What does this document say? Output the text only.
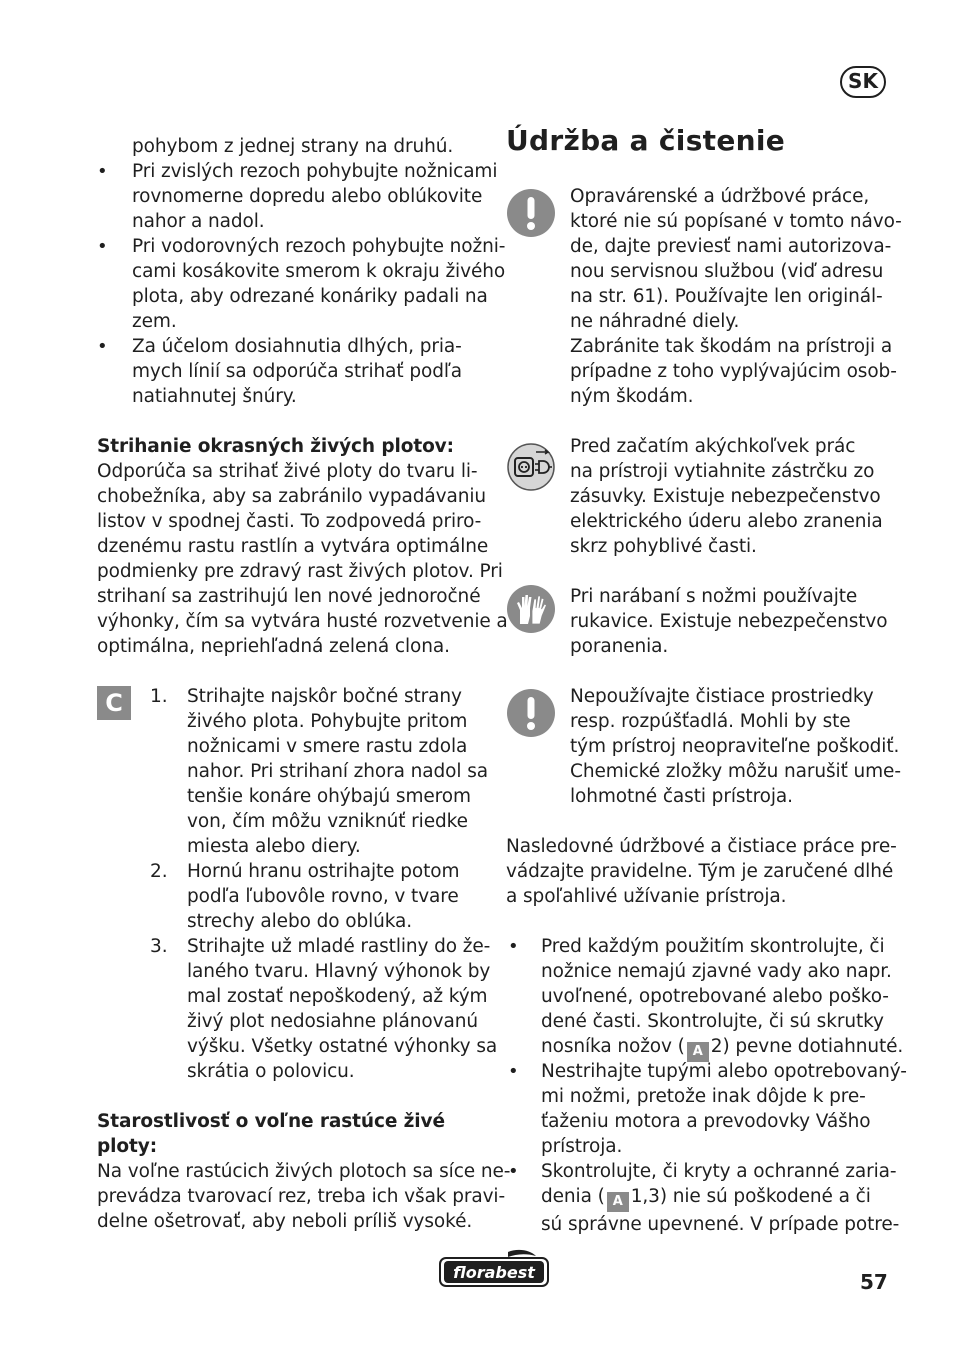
SK
pohybom z jednej strany na druhú.
• Pri zvislých rezoch pohybujte nožnicami
rovnomerne dopredu alebo oblúkovite
nahor a nadol.
• Pri vodorovných rezoch pohybujte nožni-
cami kosákovite smerom k okraju živého
plota, aby odrezané konáriky padali na
zem.
• Za účelom dosiahnutia dlhých, pria-
mych línií sa odporúča strihať podľa
natiahnutej šnúry.
Strihanie okrasných živých plotov:
Odporúča sa strihať živé ploty do tvaru li-
chobežníka, aby sa zabránilo vypadávaniu
listov v spodnej časti. To zodpovedá priro-
dzenému rastu rastlín a vytvára optimálne
podmienky pre zdravý rast živých plotov. Pri
strihaní sa zastrihujú len nové jednoročné
výhonky, čím sa vytvára husté rozvetvenie a
optimálna, nepriehľadná zelená clona.
C	1. Strihajte najskôr bočné strany
živého plota. Pohybujte pritom
nožnicami v smere rastu zdola
nahor. Pri strihaní zhora nadol sa
tenšie konáre ohýbajú smerom
von, čím môžu vzniknúť riedke
miesta alebo diery.
2. Hornú hranu ostrihajte potom
podľa ľubovôle rovno, v tvare
strechy alebo do oblúka.
3. Strihajte už mladé rastliny do že-
laného tvaru. Hlavný výhonok by
mal zostať nepoškodený, až kým
živý plot nedosiahne plánovanú
výšku. Všetky ostatné výhonky sa
skrátia o polovicu.
Starostlivosť o voľne rastúce živé
ploty:
Na voľne rastúcich živých plotoch sa síce ne-
prevádza tvarovací rez, treba ich však pravi-
delne ošetrovať, aby neboli príliš vysoké.
Údržba a čistenie
Opravárenské a údržbové práce,
ktoré nie sú popísané v tomto návo-
de, dajte previesť nami autorizova-
nou servisnou službou (viď adresu
na str. 61). Používajte len originál-
ne náhradné diely.
Zabránite tak škodám na prístroji a
prípadne z toho vyplývajúcim osob-
ným škodám.
Pred začatím akýchkoľvek prác
na prístroji vytiahnite zástrčku zo
zásuvky. Existuje nebezpečenstvo
elektrického úderu alebo zranenia
skrz pohyblivé časti.
Pri narábaní s nožmi používajte
rukavice. Existuje nebezpečenstvo
poranenia.
Nepoužívajte čistiace prostriedky
resp. rozpúšťadlá. Mohli by ste
tým prístroj neopraviteľne poškodiť.
Chemické zložky môžu narušiť ume-
lohmotné časti prístroja.
Nasledovné údržbové a čistiace práce pre-
vádzajte pravidelne. Tým je zaručené dlhé
a spoľahlivé užívanie prístroja.
• Pred každým použitím skontrolujte, či
nožnice nemajú zjavné vady ako napr.
uvoľnené, opotrebované alebo poško-
dené časti. Skontrolujte, či sú skrutky
nosníka nožov ( A 2) pevne dotiahnuté.
• Nestrihajte tupými alebo opotrebovaný-
mi nožmi, pretože inak dôjde k pre-
ťaženiu motora a prevodovky Vášho
prístroja.
• Skontrolujte, či kryty a ochranné zaria-
denia ( A 1,3) nie sú poškodené a či
sú správne upevnené. V prípade potre-
florabest	57
